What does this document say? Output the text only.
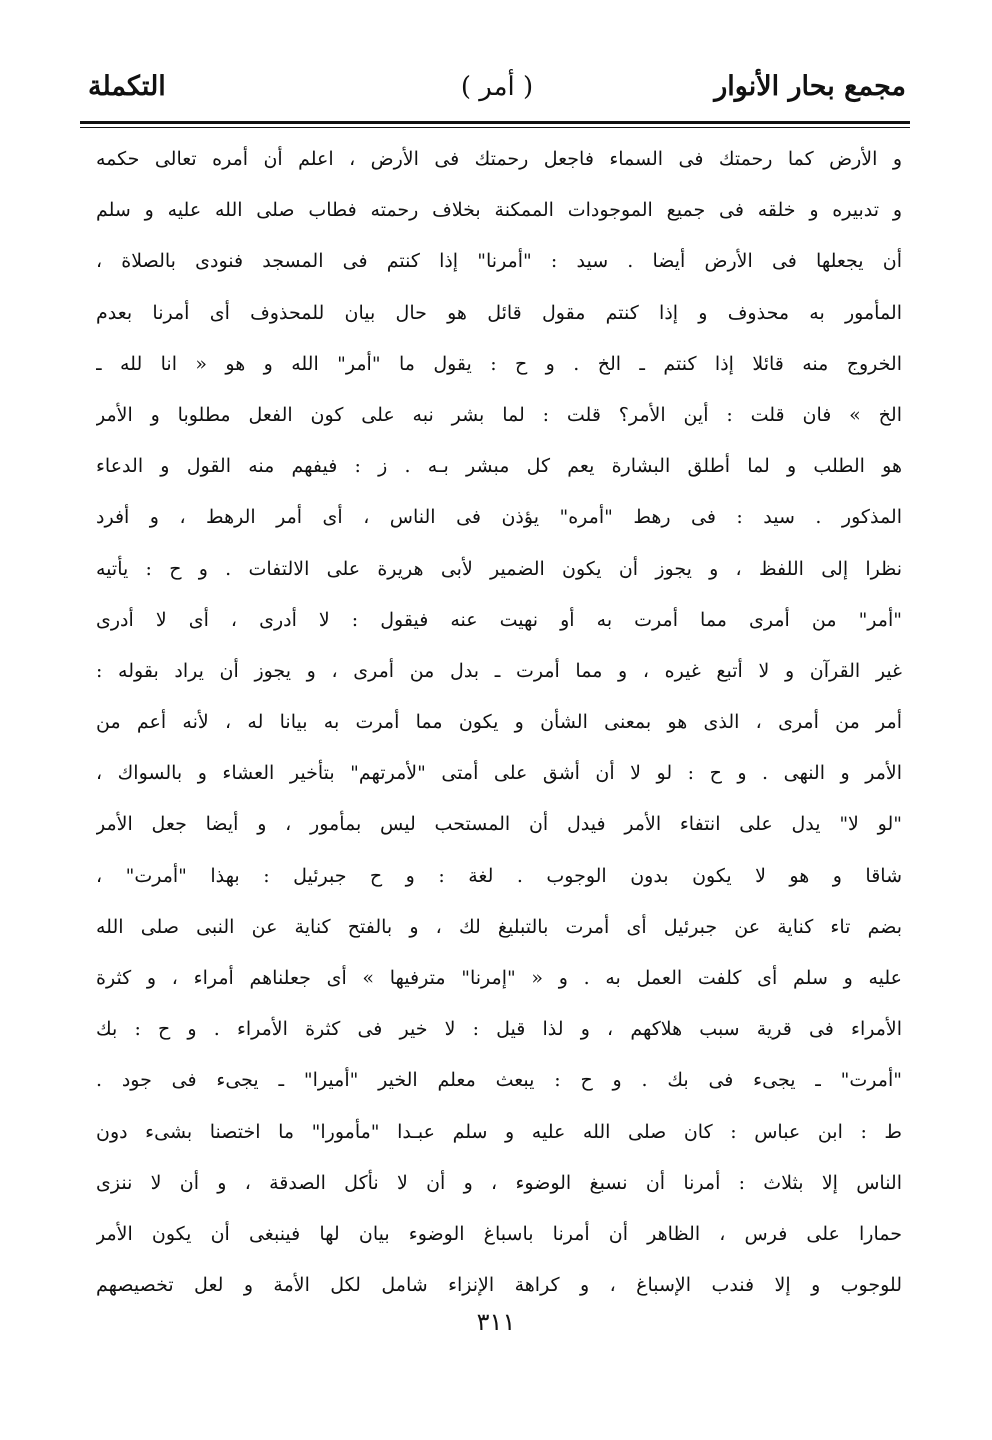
مجمع بحار الأنوار
( أمر )
التكملة
و الأرض كما رحمتك فى السماء فاجعل رحمتك فى الأرض ، اعلم أن أمره تعالى حكمه
و تدبيره و خلقه فى جميع الموجودات الممكنة بخلاف رحمته فطاب صلى الله عليه و سلم
أن يجعلها فى الأرض أيضا . سيد : "أمرنا" إذا كنتم فى المسجد فنودى بالصلاة ،
المأمور به محذوف و إذا كنتم مقول قائل هو حال بيان للمحذوف أى أمرنا بعدم
الخروج منه قائلا إذا كنتم ـ الخ . و ح : يقول ما "أمر" الله و هو « انا لله ـ
الخ » فان قلت : أين الأمر؟ قلت : لما بشر نبه على كون الفعل مطلوبا و الأمر
هو الطلب و لما أطلق البشارة يعم كل مبشر بـه . ز : فيفهم منه القول و الدعاء
المذكور . سيد : فى رهط "أمره" يؤذن فى الناس ، أى أمر الرهط ، و أفرد
نظرا إلى اللفظ ، و يجوز أن يكون الضمير لأبى هريرة على الالتفات . و ح : يأتيه
"أمر" من أمرى مما أمرت به أو نهيت عنه فيقول : لا أدرى ، أى لا أدرى
غير القرآن و لا أتبع غيره ، و مما أمرت ـ بدل من أمرى ، و يجوز أن يراد بقوله :
أمر من أمرى ، الذى هو بمعنى الشأن و يكون مما أمرت به بيانا له ، لأنه أعم من
الأمر و النهى . و ح : لو لا أن أشق على أمتى "لأمرتهم" بتأخير العشاء و بالسواك ،
"لو لا" يدل على انتفاء الأمر فيدل أن المستحب ليس بمأمور ، و أيضا جعل الأمر
شاقا و هو لا يكون بدون الوجوب . لغة : و ح جبرئيل : بهذا "أمرت" ،
بضم تاء كناية عن جبرئيل أى أمرت بالتبليغ لك ، و بالفتح كناية عن النبى صلى الله
عليه و سلم أى كلفت العمل به . و « "إمرنا" مترفيها » أى جعلناهم أمراء ، و كثرة
الأمراء فى قرية سبب هلاكهم ، و لذا قيل : لا خير فى كثرة الأمراء . و ح : بك
"أمرت" ـ يجىء فى بك . و ح : يبعث معلم الخير "أميرا" ـ يجىء فى جود .
ط : ابن عباس : كان صلى الله عليه و سلم عبـدا "مأمورا" ما اختصنا بشىء دون
الناس إلا بثلاث : أمرنا أن نسبغ الوضوء ، و أن لا نأكل الصدقة ، و أن لا ننزى
حمارا على فرس ، الظاهر أن أمرنا باسباغ الوضوء بيان لها فينبغى أن يكون الأمر
للوجوب و إلا فندب الإسباغ ، و كراهة الإنزاء شامل لكل الأمة و لعل تخصيصهم
٣١١
